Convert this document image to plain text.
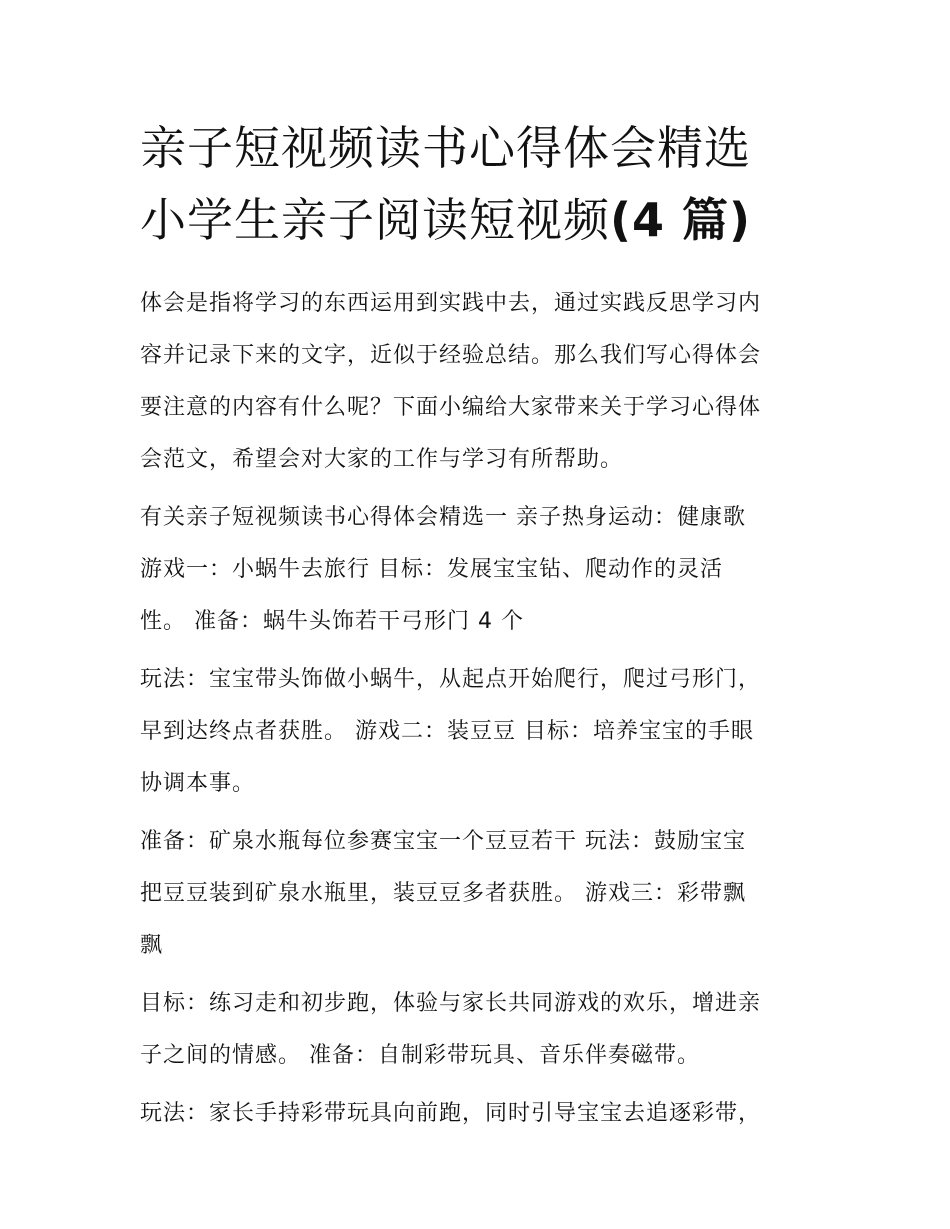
亲子短视频读书心得体会精选
小学生亲子阅读短视频(4 篇)

体会是指将学习的东西运用到实践中去，通过实践反思学习内
容并记录下来的文字，近似于经验总结。那么我们写心得体会
要注意的内容有什么呢？下面小编给大家带来关于学习心得体
会范文，希望会对大家的工作与学习有所帮助。

有关亲子短视频读书心得体会精选一 亲子热身运动：健康歌
游戏一：小蜗牛去旅行 目标：发展宝宝钻、爬动作的灵活
性。 准备：蜗牛头饰若干弓形门 4 个

玩法：宝宝带头饰做小蜗牛，从起点开始爬行，爬过弓形门，
早到达终点者获胜。 游戏二：装豆豆 目标：培养宝宝的手眼
协调本事。

准备：矿泉水瓶每位参赛宝宝一个豆豆若干 玩法：鼓励宝宝
把豆豆装到矿泉水瓶里，装豆豆多者获胜。 游戏三：彩带飘
飘

目标：练习走和初步跑，体验与家长共同游戏的欢乐，增进亲
子之间的情感。 准备：自制彩带玩具、音乐伴奏磁带。

玩法：家长手持彩带玩具向前跑，同时引导宝宝去追逐彩带，
